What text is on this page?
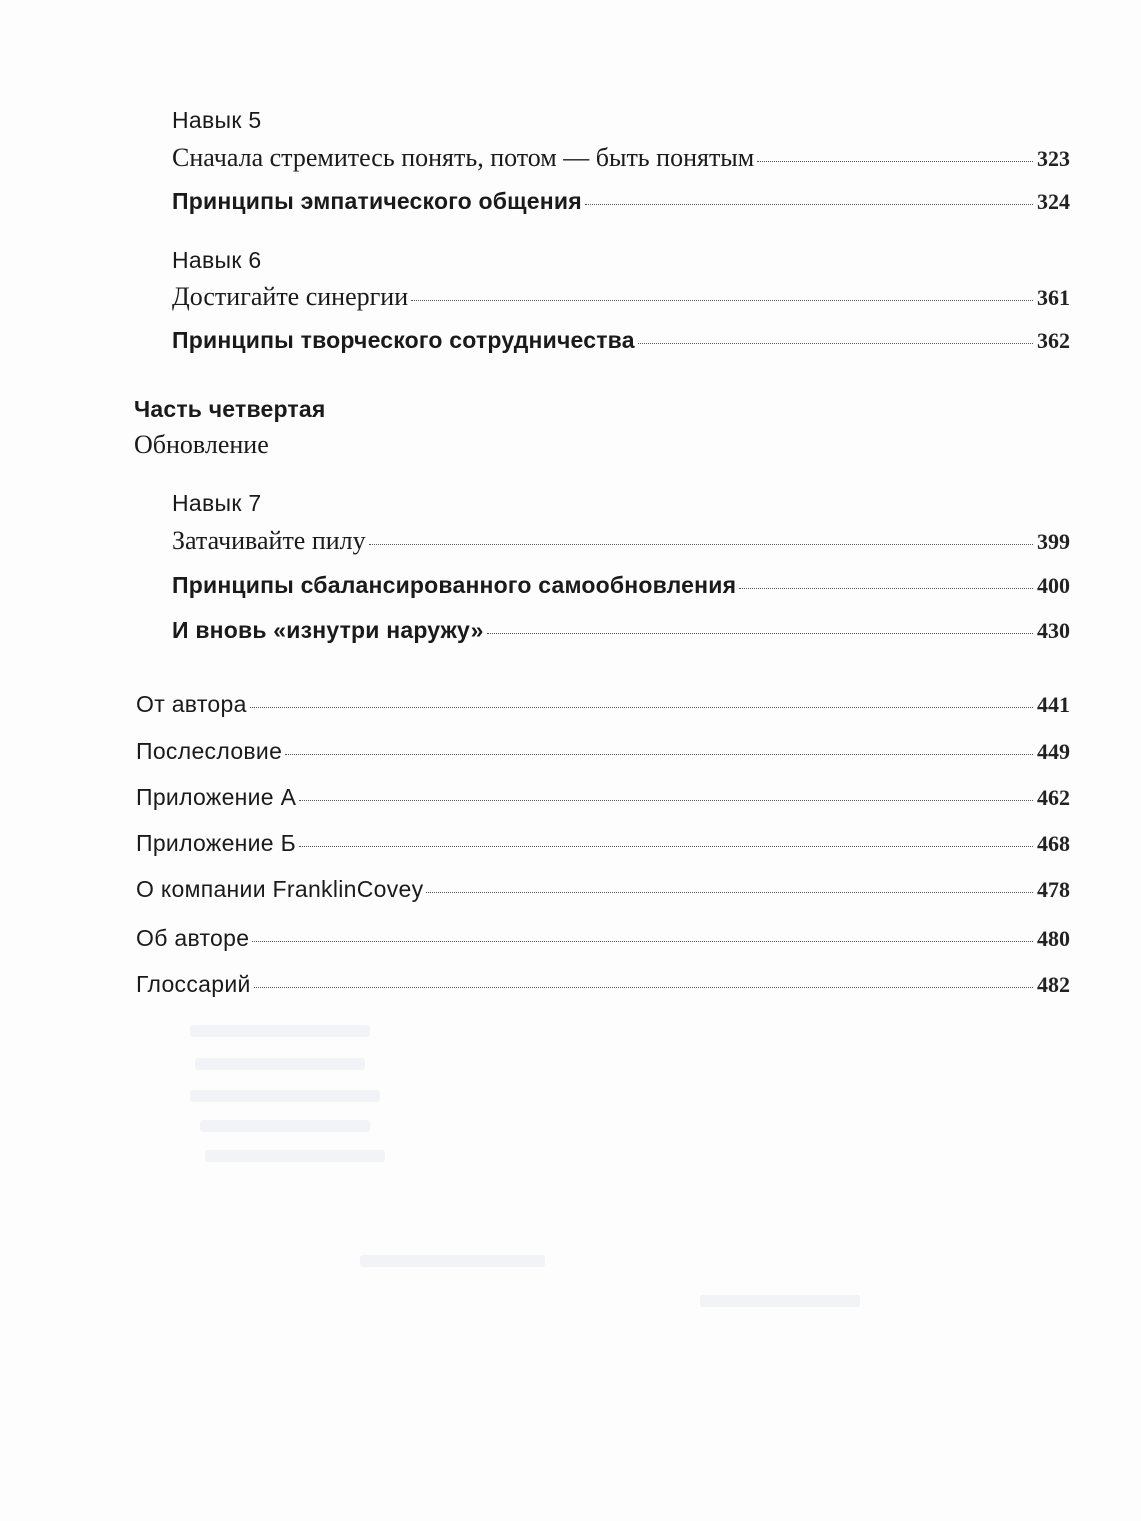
Навык 5
Сначала стремитесь понять, потом — быть понятым	323
Принципы эмпатического общения	324
Навык 6
Достигайте синергии	361
Принципы творческого сотрудничества	362
Часть четвертая
Обновление
Навык 7
Затачивайте пилу	399
Принципы сбалансированного самообновления	400
И вновь «изнутри наружу»	430
От автора	441
Послесловие	449
Приложение А	462
Приложение Б	468
О компании FranklinCovey	478
Об авторе	480
Глоссарий	482
